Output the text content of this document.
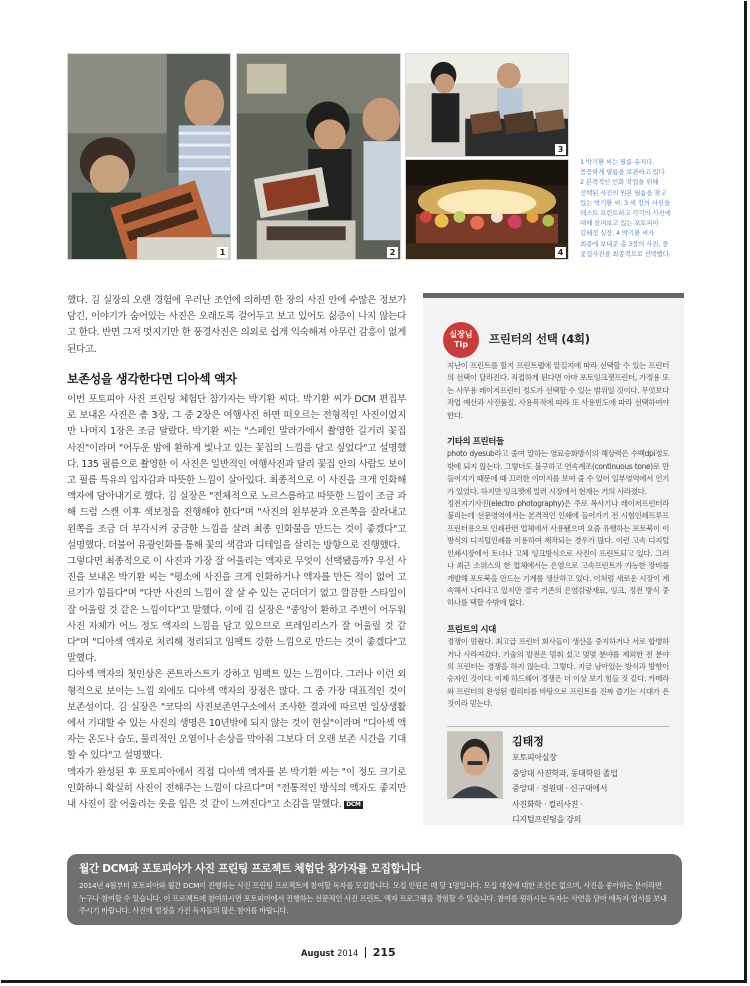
1	2
3
4

1 박기환 씨는 필름 유저다.

꼼꼼하게 필름을 보관하고 있다.

2 본격적인 인화 작업을 위해

선택된 사진의 원본 필름을 찾고

있는 박기환 씨. 3 세 장의 사진을

테스트 프린트하고 각각의 사진에

대해 살펴보고 있는 포토피아

김태정 실장. 4 박기환 씨가

최종에 보내준 총 3장의 사진, 중

꽃집사진을 최종적으로 선택했다.

했다. 김 실장의 오랜 경험에 우러난 조언에 의하면 한 장의 사진 안에 수많은 정보가 담긴, 이야기가 숨어있는 사진은 오래도록 걸어두고 보고 있어도 싫증이 나지 않는다고 한다. 반면 그저 멋지기만 한 풍경사진은 의외로 쉽게 익숙해져 아무런 감흥이 없게 된다고.

보존성을 생각한다면 디아섹 액자

이번 포토피아 사진 프린팅 체험단 참가자는 박기환 씨다. 박기환 씨가 DCM 편집부로 보내온 사진은 총 3장, 그 중 2장은 여행사진 하면 떠오르는 전형적인 사진이었지만 나머지 1장은 조금 달랐다. 박기환 씨는 "스페인 말라가에서 촬영한 길거리 꽃집 사진"이라며 "어두운 밤에 환하게 빛나고 있는 꽃집의 느낌을 담고 싶었다"고 설명했다. 135 필름으로 촬영한 이 사진은 일반적인 여행사진과 달리 꽃집 안의 사람도 보이고 필름 특유의 입자감과 따뜻한 느낌이 살아있다. 최종적으로 이 사진을 크게 인화해 액자에 담아내기로 했다. 김 실장은 "전체적으로 노르스름하고 따뜻한 느낌이 조금 과해 드럼 스캔 이후 색보정을 진행해야 한다"며 "사진의 왼부분과 오른쪽을 잘라내고 왼쪽을 조금 더 부각시켜 궁금한 느낌을 살려 최종 인화물을 만드는 것이 좋겠다"고 설명했다. 더불어 유광인화를 통해 꽃의 색감과 디테일을 살리는 방향으로 진행했다.

그렇다면 최종적으로 이 사진과 가장 잘 어울리는 액자로 무엇이 선택됐을까? 우선 사진을 보내온 박기환 씨는 "평소에 사진을 크게 인화하거나 액자를 만든 적이 없어 고르기가 힘들다"며 "다만 사진의 느낌이 잘 살 수 있는 군더더기 없고 깔끔한 스타일이 잘 어울릴 것 같은 느낌이다"고 말했다. 이에 김 실장은 "중앙이 환하고 주변이 어두워 사진 자체가 어느 정도 액자의 느낌을 담고 있으므로 프레임리스가 잘 어울릴 것 같다"며 "디아섹 액자로 처리해 정리되고 임팩트 강한 느낌으로 만드는 것이 좋겠다"고 말했다.

디아섹 액자의 첫인상은 콘트라스트가 강하고 임팩트 있는 느낌이다. 그러나 이런 외형적으로 보이는 느낌 외에도 디아섹 액자의 장점은 많다. 그 중 가장 대표적인 것이 보존성이다. 김 실장은 "코닥의 사진보존연구소에서 조사한 결과에 따르면 일상생활에서 기대할 수 있는 사진의 생명은 10년밖에 되지 않는 것이 현실"이라며 "디아섹 액자는 온도나 습도, 물리적인 오염이나 손상을 막아줘 그보다 더 오랜 보존 시간을 기대할 수 있다"고 설명했다.

액자가 완성된 후 포토피아에서 직접 디아섹 액자를 본 박기환 씨는 "이 정도 크기로 인화하니 확실히 사진이 전해주는 느낌이 다르다"며 "전통적인 방식의 액자도 좋지만 내 사진이 잘 어울리는 옷을 입은 것 같이 느껴진다"고 소감을 말했다. DCM

실장님
Tip	프린터의 선택 (4회)

지난이 프린트를 할지 프린트랩에 맡길지에 따라 선택할 수 있는 프린터의 선택이 달라진다. 직접하게 된다면 아마 포토잉크젯프린터, 가정용 또는 사무용 레이저프린터 정도가 선택할 수 있는 범위일 것이다. 무엇보다 작업 예산과 사진품질, 사용목적에 따라 또 사용빈도에 따라 선택하여야한다.

기타의 프린터들

photo dyesub라고 줄여 말하는 염료승화방식의 해상력은 수백dpi정도 밖에 되지 않는다. 그렇더도 불구하고 연속계조(continuous tone)로 만들어지기 때문에 때 끄러한 이미지를 보여 줄 수 있어 일부영역에서 인기가 있었다. 하지만 잉크젯에 밀려 시장에서 현재는 거의 사라졌다.

정전지기사진(electro photography)은 주로 복사기나 레이저프린터라 불리는데 선문영역에서는 본격적인 인쇄에 들어가기 전 시험인쇄프루프 프린터용으로 인쇄관련 업체에서 사용됐으며 요즘 유행하는 포토북이 이 방식의 디지털인쇄를 이용하여 제작되는 경우가 많다. 이런 고속 디지털 인쇄시장에서 토너나 고체 잉크방식으로 사진이 프린트되고 있다. 그러나 최근 소위스의 한 업체에서는 은염으로 고속프린트가 가능한 장비를 개발해 포토북을 만드는 기계를 생산하고 있다. 이처럼 새로운 시장이 계속해서 나타나고 있지만 결국 기존의 은염감광재료, 잉크, 정전 방식 중 하나를 택할 수밖에 없다.

프린트의 시대

경쟁이 멈췄다. 최고급 프린터 회사들이 생산을 중지하거나 서로 합병하거나 사라져갔다. 기술의 발전은 멈춰 섰고 몇몇 분야를 제외한 전 분야의 프린터는 경쟁을 하지 않는다. 그렇다. 지금 남아있는 방식과 방향이 승자인 것이다. 이제 하드웨어 경쟁은 더 이상 보기 힘들 것 같다. 카메라와 프린터의 완성된 퀄리티를 바탕으로 프린트를 진짜 즐기는 시대가 온 것이라 믿는다.

김태정

포토피아실장

중앙대 사진학과, 동대학원 졸업

중앙대 · 경원대 · 신구대에서

사진화학 · 컬러사진 ·

디지털프린팅을 강의

월간 DCM과 포토피아가 사진 프린팅 프로젝트 체험단 참가자를 모집합니다
2014년 4월부터 포토피아와 월간 DCM이 진행하는 사진 프린팅 프로젝트에 참여할 독자를 모집합니다. 모집 인원은 매 달 1명입니다. 모집 대상에 대한 조건은 없으며, 사진을 좋아하는 분이라면 누구나 참여할 수 있습니다. 이 프로젝트에 참여하시면 포토피아에서 진행하는 선문적인 사진 프린트, 액자 프로그램을 경험할 수 있습니다. 참여를 원하시는 독자는 사연을 담아 애독자 엽서를 보내주시기 바랍니다. 사진에 열정을 가진 독자들의 많은 참여를 바랍니다.
August 2014 215
